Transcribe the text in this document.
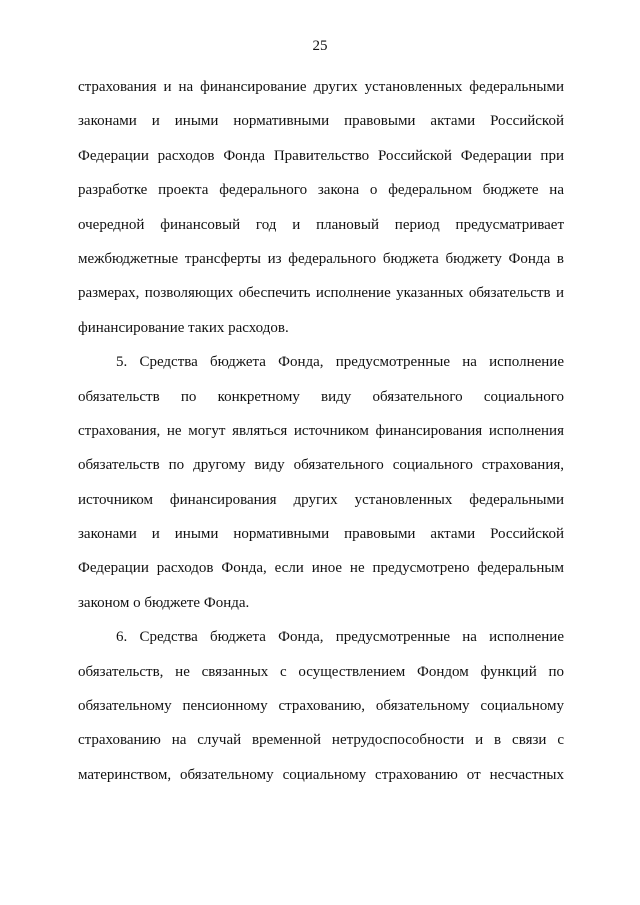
25
страхования и на финансирование других установленных федеральными
законами и иными нормативными правовыми актами Российской
Федерации расходов Фонда Правительство Российской Федерации при
разработке проекта федерального закона о федеральном бюджете на
очередной финансовый год и плановый период предусматривает
межбюджетные трансферты из федерального бюджета бюджету Фонда в
размерах, позволяющих обеспечить исполнение указанных обязательств и
финансирование таких расходов.
5. Средства бюджета Фонда, предусмотренные на исполнение
обязательств по конкретному виду обязательного социального
страхования, не могут являться источником финансирования исполнения
обязательств по другому виду обязательного социального страхования,
источником финансирования других установленных федеральными
законами и иными нормативными правовыми актами Российской
Федерации расходов Фонда, если иное не предусмотрено федеральным
законом о бюджете Фонда.
6. Средства бюджета Фонда, предусмотренные на исполнение
обязательств, не связанных с осуществлением Фондом функций по
обязательному пенсионному страхованию, обязательному социальному
страхованию на случай временной нетрудоспособности и в связи с
материнством, обязательному социальному страхованию от несчастных
